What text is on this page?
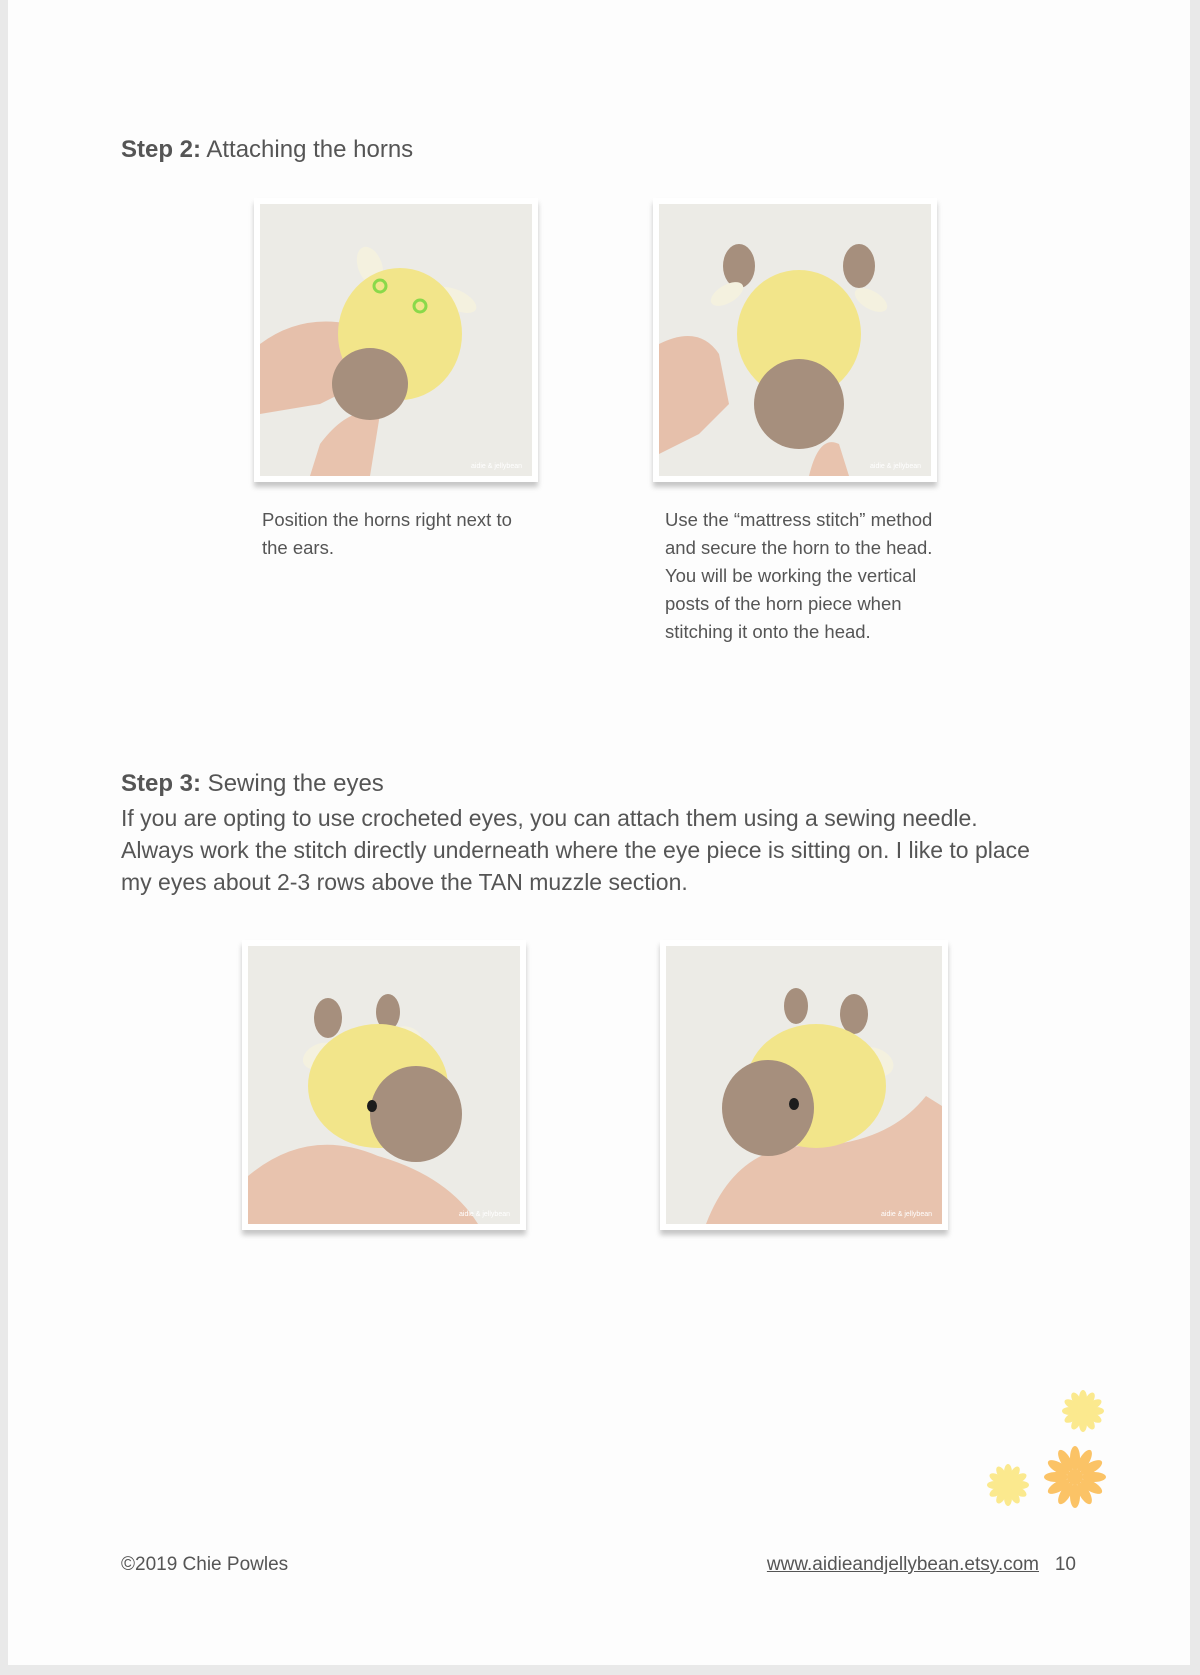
Step 2: Attaching the horns
aidie & jellybean
Position the horns right next to the ears.
aidie & jellybean
Use the “mattress stitch” method and secure the horn to the head. You will be working the vertical posts of the horn piece when stitching it onto the head.
Step 3: Sewing the eyes
If you are opting to use crocheted eyes, you can attach them using a sewing needle. Always work the stitch directly underneath where the eye piece is sitting on. I like to place my eyes about 2-3 rows above the TAN muzzle section.
aidie & jellybean	aidie & jellybean
©2019 Chie Powles	www.aidieandjellybean.etsy.com 10
